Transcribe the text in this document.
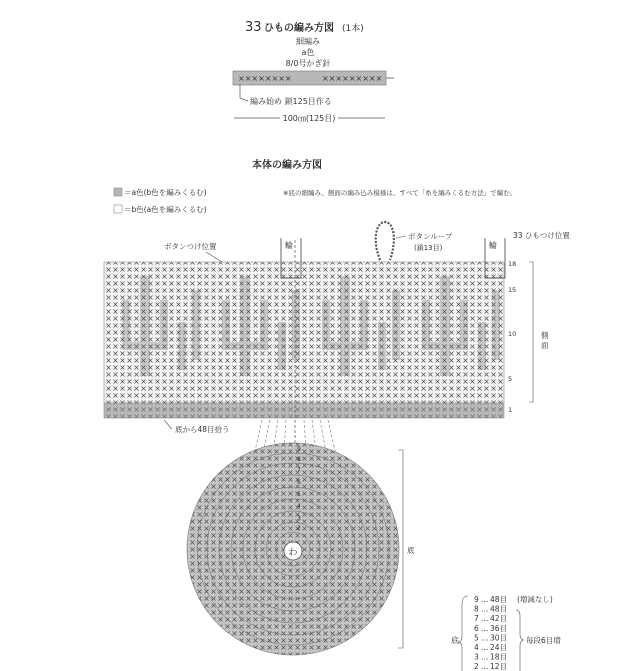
33 ひもの編み方図 (1本)
細編み
a色
8/0号かぎ針
××××××××	×××××××××
編み始め 鎖125目作る
100㎝(125目)
本体の編み方図
＝a色(b色を編みくるむ)
＝b色(a色を編みくるむ)
※底の細編み、側面の編み込み模様は、すべて「糸を編みくるむ方法」で編む。
輪	輪
ボタンループ
(鎖13目)
ボタンつけ位置
33 ひもつけ位置
18
15
10
5
1
側 面
底から48目拾う
9
8
7
6
5
4
3
2
わ	底
底
9 … 48目 (増減なし)
8 … 48目
7 … 42目
6 … 36目
5 … 30目
4 … 24目
3 … 18目
2 … 12目
毎段6目増
